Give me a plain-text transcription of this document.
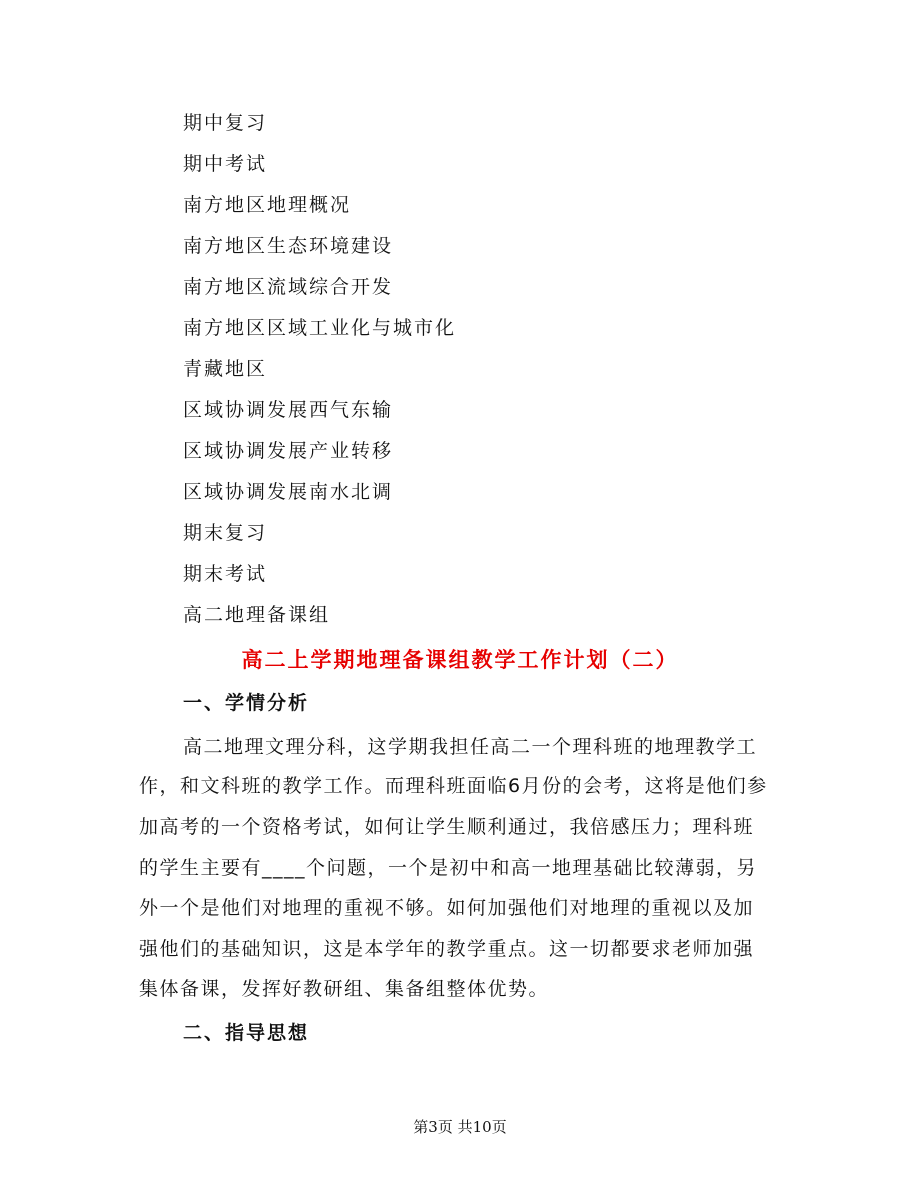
期中复习
期中考试
南方地区地理概况
南方地区生态环境建设
南方地区流域综合开发
南方地区区域工业化与城市化
青藏地区
区域协调发展西气东输
区域协调发展产业转移
区域协调发展南水北调
期末复习
期末考试
高二地理备课组
高二上学期地理备课组教学工作计划（二）
一、学情分析
高二地理文理分科，这学期我担任高二一个理科班的地理教学工
作，和文科班的教学工作。而理科班面临6月份的会考，这将是他们参
加高考的一个资格考试，如何让学生顺利通过，我倍感压力；理科班
的学生主要有____个问题，一个是初中和高一地理基础比较薄弱，另
外一个是他们对地理的重视不够。如何加强他们对地理的重视以及加
强他们的基础知识，这是本学年的教学重点。这一切都要求老师加强
集体备课，发挥好教研组、集备组整体优势。
二、指导思想
第3页 共10页
